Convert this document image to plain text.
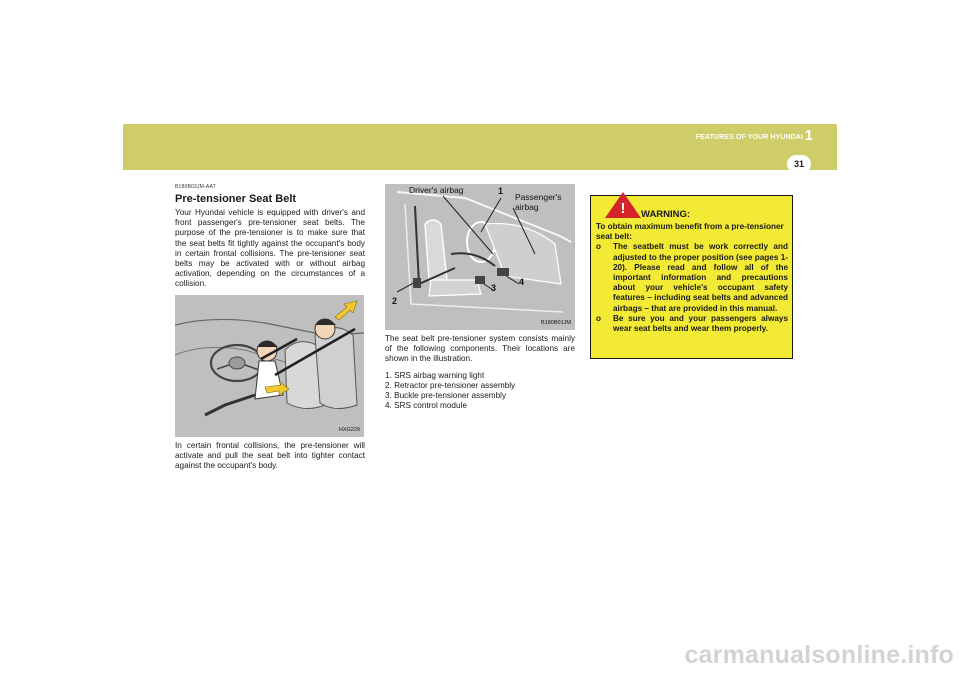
FEATURES OF YOUR HYUNDAI 1
31
B180B03JM-AAT
Pre-tensioner Seat Belt

Your Hyundai vehicle is equipped with driver's and front passenger's pre-tensioner seat belts. The purpose of the pre-tensioner is to make sure that the seat belts fit tightly against the occupant's body in certain frontal collisions. The pre-tensioner seat belts may be activated with or without airbag activation, depending on the circumstances of a collision.

HXG229

In certain frontal collisions, the pre-tensioner will activate and pull the seat belt into tighter contact against the occupant's body.

Driver's airbag
Passenger's
airbag
1
2
3
4
B180B01JM

The seat belt pre-tensioner system consists mainly of the following components. Their locations are shown in the illustration.

1. SRS airbag warning light
2. Retractor pre-tensioner assembly
3. Buckle pre-tensioner assembly
4. SRS control module
! WARNING:

To obtain maximum benefit from a pre-tensioner seat belt:

o	The seatbelt must be work correctly and adjusted to the proper position (see pages 1-20). Please read and follow all of the important information and precautions about your vehicle's occupant safety features – including seat belts and advanced airbags – that are provided in this manual.

o	Be sure you and your passengers always wear seat belts and wear them properly.

carmanualsonline.info
